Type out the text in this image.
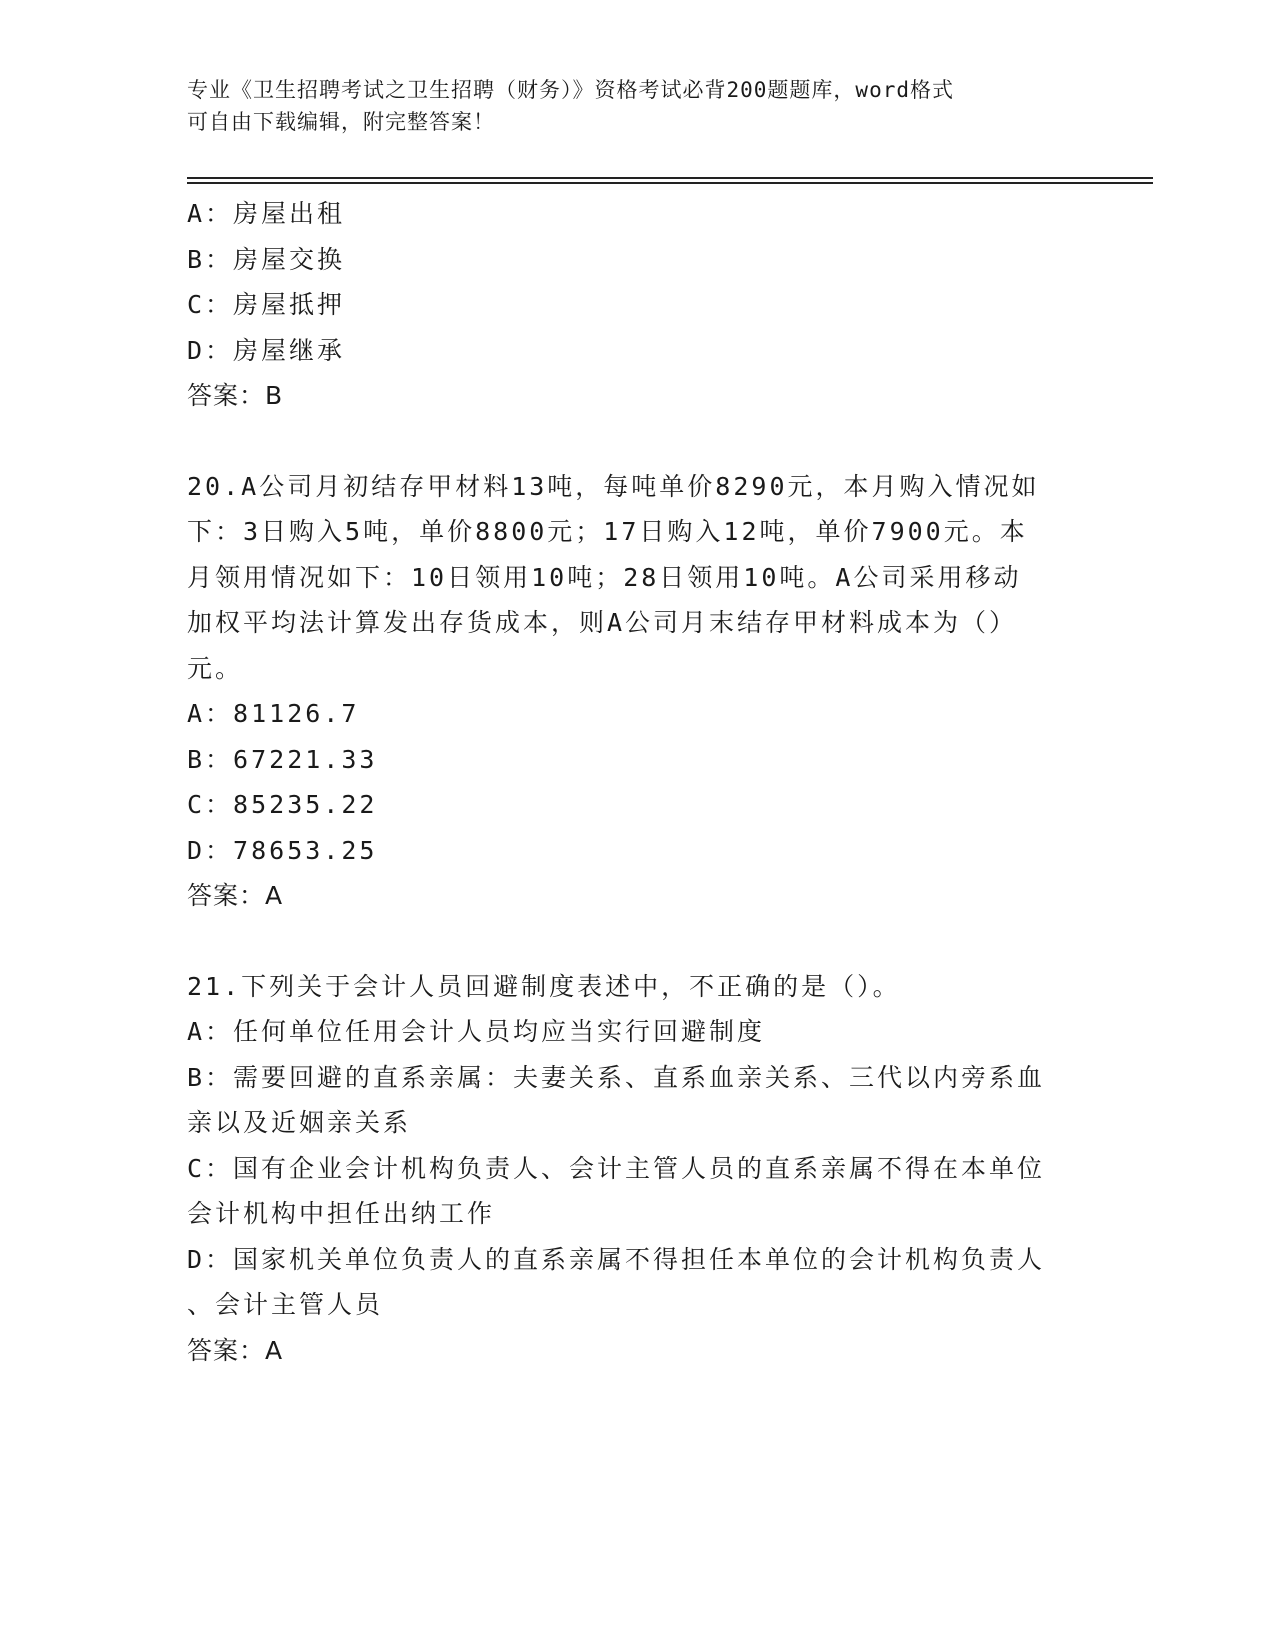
专业《卫生招聘考试之卫生招聘（财务）》资格考试必背200题题库，word格式
可自由下载编辑，附完整答案！

A：房屋出租

B：房屋交换

C：房屋抵押

D：房屋继承

答案：B

20.A公司月初结存甲材料13吨，每吨单价8290元，本月购入情况如

下：3日购入5吨，单价8800元；17日购入12吨，单价7900元。本

月领用情况如下：10日领用10吨；28日领用10吨。A公司采用移动

加权平均法计算发出存货成本，则A公司月末结存甲材料成本为（）

元。

A：81126.7

B：67221.33

C：85235.22

D：78653.25

答案：A

21.下列关于会计人员回避制度表述中，不正确的是（）。

A：任何单位任用会计人员均应当实行回避制度

B：需要回避的直系亲属：夫妻关系、直系血亲关系、三代以内旁系血

亲以及近姻亲关系

C：国有企业会计机构负责人、会计主管人员的直系亲属不得在本单位

会计机构中担任出纳工作

D：国家机关单位负责人的直系亲属不得担任本单位的会计机构负责人

、会计主管人员

答案：A
